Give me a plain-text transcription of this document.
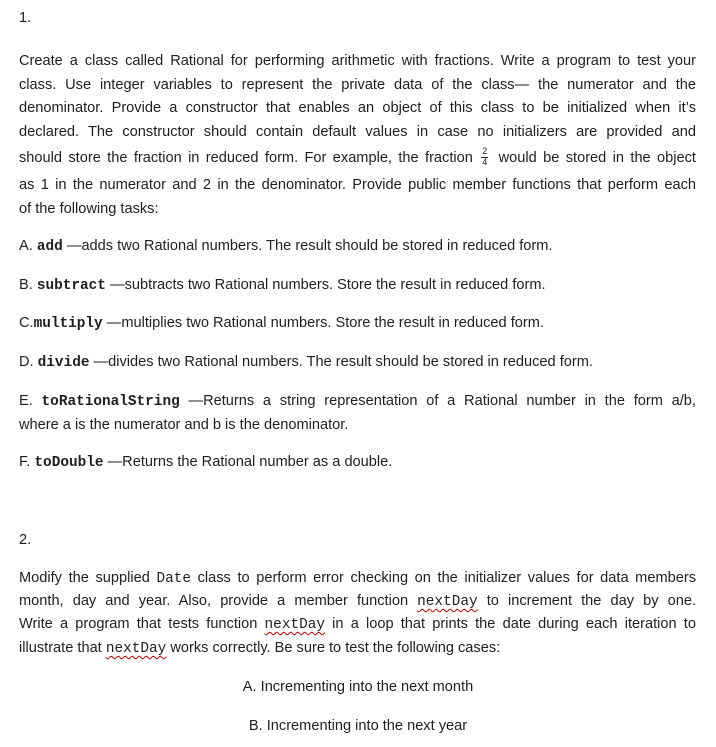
1.
Create a class called Rational for performing arithmetic with fractions. Write a program to test your
class. Use integer variables to represent the private data of the class— the numerator and the
denominator. Provide a constructor that enables an object of this class to be initialized when it’s
declared. The constructor should contain default values in case no initializers are provided and
should store the fraction in reduced form. For example, the fraction $\frac{2}{4}$ would be stored in the object
as 1 in the numerator and 2 in the denominator. Provide public member functions that perform each
of the following tasks:
A. add —adds two Rational numbers. The result should be stored in reduced form.
B. subtract —subtracts two Rational numbers. Store the result in reduced form.
C.multiply —multiplies two Rational numbers. Store the result in reduced form.
D. divide —divides two Rational numbers. The result should be stored in reduced form.
E. toRationalString —Returns a string representation of a Rational number in the form a/b,
where a is the numerator and b is the denominator.
F. toDouble —Returns the Rational number as a double.
2.
Modify the supplied Date class to perform error checking on the initializer values for data members
month, day and year. Also, provide a member function nextDay to increment the day by one.
Write a program that tests function nextDay in a loop that prints the date during each iteration to
illustrate that nextDay works correctly. Be sure to test the following cases:
A. Incrementing into the next month
B. Incrementing into the next year
